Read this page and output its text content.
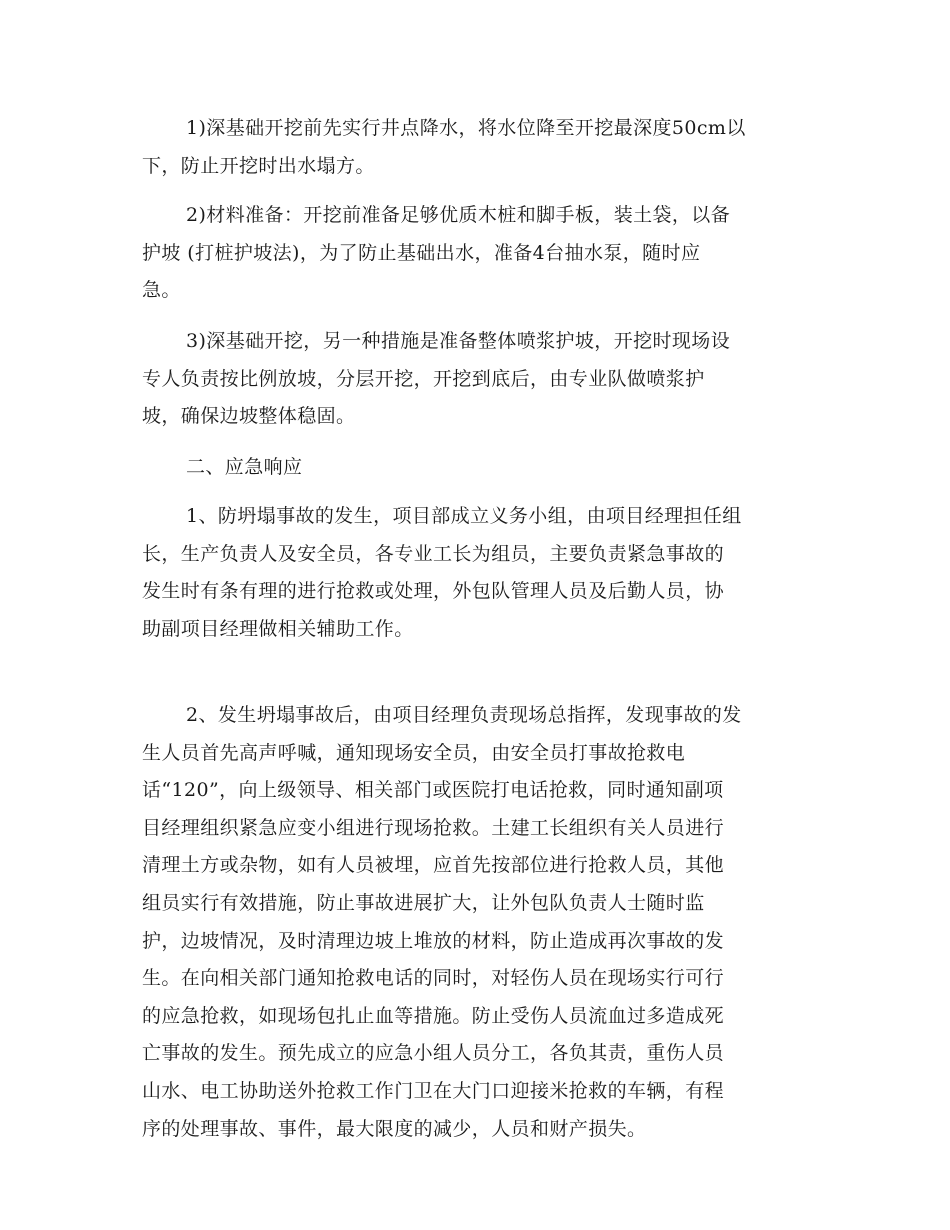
1)深基础开挖前先实行井点降水，将水位降至开挖最深度50cm以
下，防止开挖时出水塌方。

2)材料准备：开挖前准备足够优质木桩和脚手板，装土袋，以备
护坡 (打桩护坡法)，为了防止基础出水，准备4台抽水泵，随时应
急。

3)深基础开挖，另一种措施是准备整体喷浆护坡，开挖时现场设
专人负责按比例放坡，分层开挖，开挖到底后，由专业队做喷浆护
坡，确保边坡整体稳固。

二、应急响应

1、防坍塌事故的发生，项目部成立义务小组，由项目经理担任组
长，生产负责人及安全员，各专业工长为组员，主要负责紧急事故的
发生时有条有理的进行抢救或处理，外包队管理人员及后勤人员，协
助副项目经理做相关辅助工作。

2、发生坍塌事故后，由项目经理负责现场总指挥，发现事故的发
生人员首先高声呼喊，通知现场安全员，由安全员打事故抢救电
话“120”，向上级领导、相关部门或医院打电话抢救，同时通知副项
目经理组织紧急应变小组进行现场抢救。土建工长组织有关人员进行
清理土方或杂物，如有人员被埋，应首先按部位进行抢救人员，其他
组员实行有效措施，防止事故进展扩大，让外包队负责人士随时监
护，边坡情况，及时清理边坡上堆放的材料，防止造成再次事故的发
生。在向相关部门通知抢救电话的同时，对轻伤人员在现场实行可行
的应急抢救，如现场包扎止血等措施。防止受伤人员流血过多造成死
亡事故的发生。预先成立的应急小组人员分工，各负其责，重伤人员
山水、电工协助送外抢救工作门卫在大门口迎接米抢救的车辆，有程
序的处理事故、事件，最大限度的减少，人员和财产损失。
